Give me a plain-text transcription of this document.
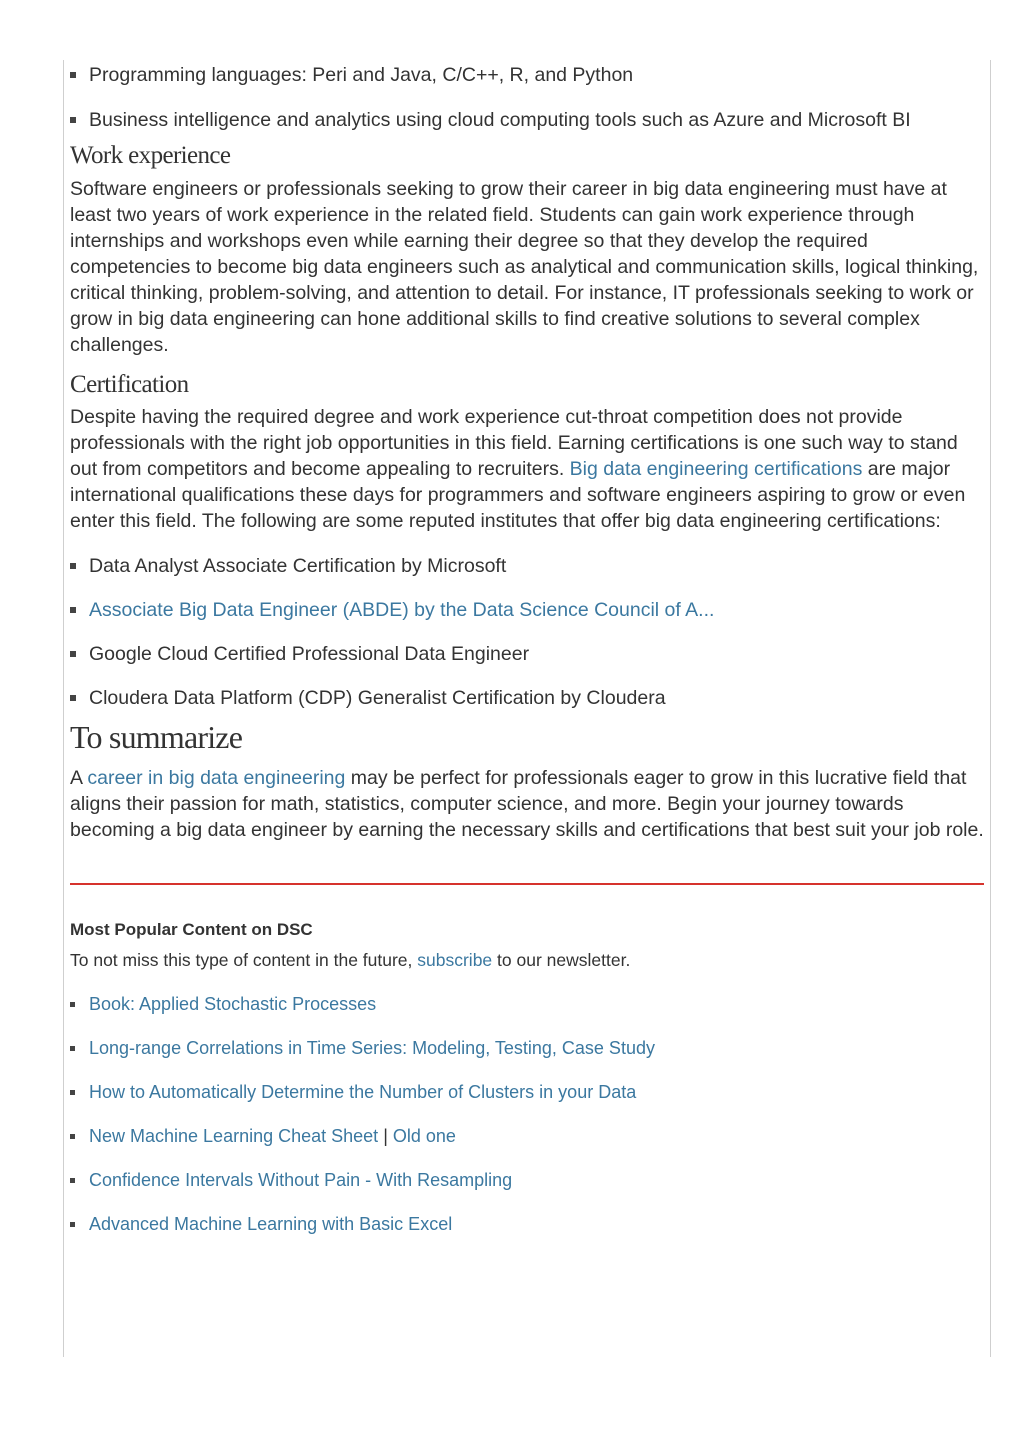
Programming languages: Peri and Java, C/C++, R, and Python
Business intelligence and analytics using cloud computing tools such as Azure and Microsoft BI
Work experience

Software engineers or professionals seeking to grow their career in big data engineering must have at least two years of work experience in the related field. Students can gain work experience through internships and workshops even while earning their degree so that they develop the required competencies to become big data engineers such as analytical and communication skills, logical thinking, critical thinking, problem-solving, and attention to detail. For instance, IT professionals seeking to work or grow in big data engineering can hone additional skills to find creative solutions to several complex challenges.

Certification

Despite having the required degree and work experience cut-throat competition does not provide professionals with the right job opportunities in this field. Earning certifications is one such way to stand out from competitors and become appealing to recruiters. Big data engineering certifications are major international qualifications these days for programmers and software engineers aspiring to grow or even enter this field. The following are some reputed institutes that offer big data engineering certifications:

Data Analyst Associate Certification by Microsoft
Associate Big Data Engineer (ABDE) by the Data Science Council of A...
Google Cloud Certified Professional Data Engineer
Cloudera Data Platform (CDP) Generalist Certification by Cloudera
To summarize

A career in big data engineering may be perfect for professionals eager to grow in this lucrative field that aligns their passion for math, statistics, computer science, and more. Begin your journey towards becoming a big data engineer by earning the necessary skills and certifications that best suit your job role.

Most Popular Content on DSC

To not miss this type of content in the future, subscribe to our newsletter.

Book: Applied Stochastic Processes
Long-range Correlations in Time Series: Modeling, Testing, Case Study
How to Automatically Determine the Number of Clusters in your Data
New Machine Learning Cheat Sheet | Old one
Confidence Intervals Without Pain - With Resampling
Advanced Machine Learning with Basic Excel
